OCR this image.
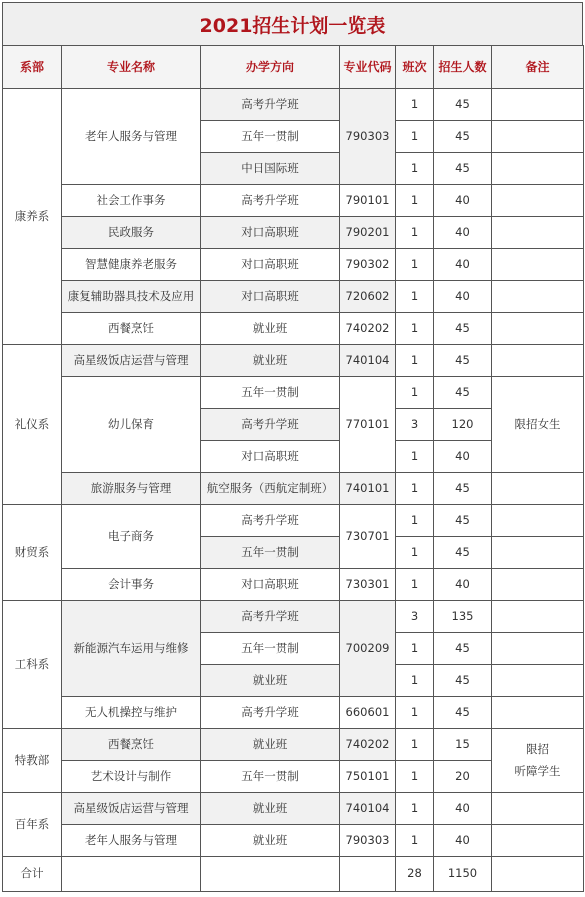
2021招生计划一览表
系部	专业名称	办学方向	专业代码	班次	招生人数	备注
康养系	老年人服务与管理	高考升学班	790303	1	45	
		五年一贯制		1	45	
		中日国际班		1	45	
	社会工作事务	高考升学班	790101	1	40	
	民政服务	对口高职班	790201	1	40	
	智慧健康养老服务	对口高职班	790302	1	40	
	康复辅助器具技术及应用	对口高职班	720602	1	40	
	西餐烹饪	就业班	740202	1	45	
礼仪系	高星级饭店运营与管理	就业班	740104	1	45	
	幼儿保育	五年一贯制	770101	1	45	限招女生
		高考升学班		3	120	
		对口高职班		1	40	
	旅游服务与管理	航空服务（西航定制班）	740101	1	45	
财贸系	电子商务	高考升学班	730701	1	45	
		五年一贯制		1	45	
	会计事务	对口高职班	730301	1	40	
工科系	新能源汽车运用与维修	高考升学班	700209	3	135	
		五年一贯制		1	45	
		就业班		1	45	
	无人机操控与维护	高考升学班	660601	1	45	
特教部	西餐烹饪	就业班	740202	1	15	限招
听障学生

	艺术设计与制作	五年一贯制	750101	1	20	
百年系	高星级饭店运营与管理	就业班	740104	1	40	
	老年人服务与管理	就业班	790303	1	40	
合计				28	1150	
